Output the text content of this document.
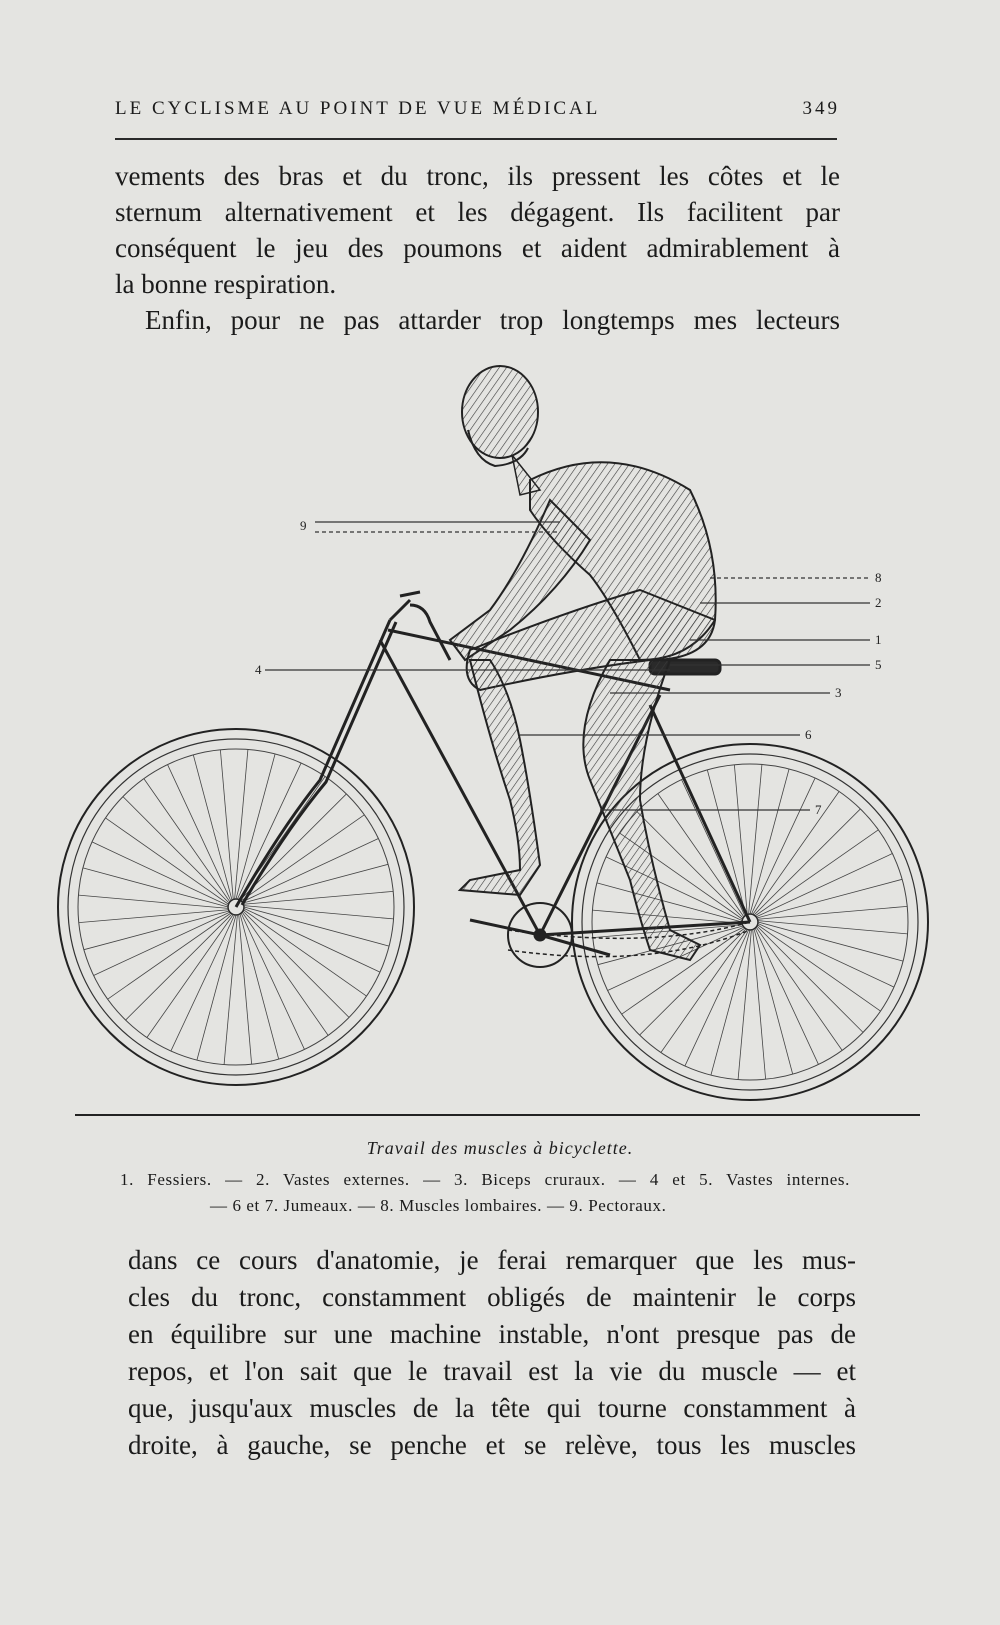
LE CYCLISME AU POINT DE VUE MÉDICAL	349
vements des bras et du tronc, ils pressent les côtes et le
sternum alternativement et les dégagent. Ils facilitent par
conséquent le jeu des poumons et aident admirablement à
la bonne respiration.
Enfin, pour ne pas attarder trop longtemps mes lecteurs
9
8
2
1
5
3
6
7
4
Travail des muscles à bicyclette.
1. Fessiers. — 2. Vastes externes. — 3. Biceps cruraux. — 4 et 5. Vastes internes.
— 6 et 7. Jumeaux. — 8. Muscles lombaires. — 9. Pectoraux.
dans ce cours d'anatomie, je ferai remarquer que les mus-
cles du tronc, constamment obligés de maintenir le corps
en équilibre sur une machine instable, n'ont presque pas de
repos, et l'on sait que le travail est la vie du muscle — et
que, jusqu'aux muscles de la tête qui tourne constamment à
droite, à gauche, se penche et se relève, tous les muscles
